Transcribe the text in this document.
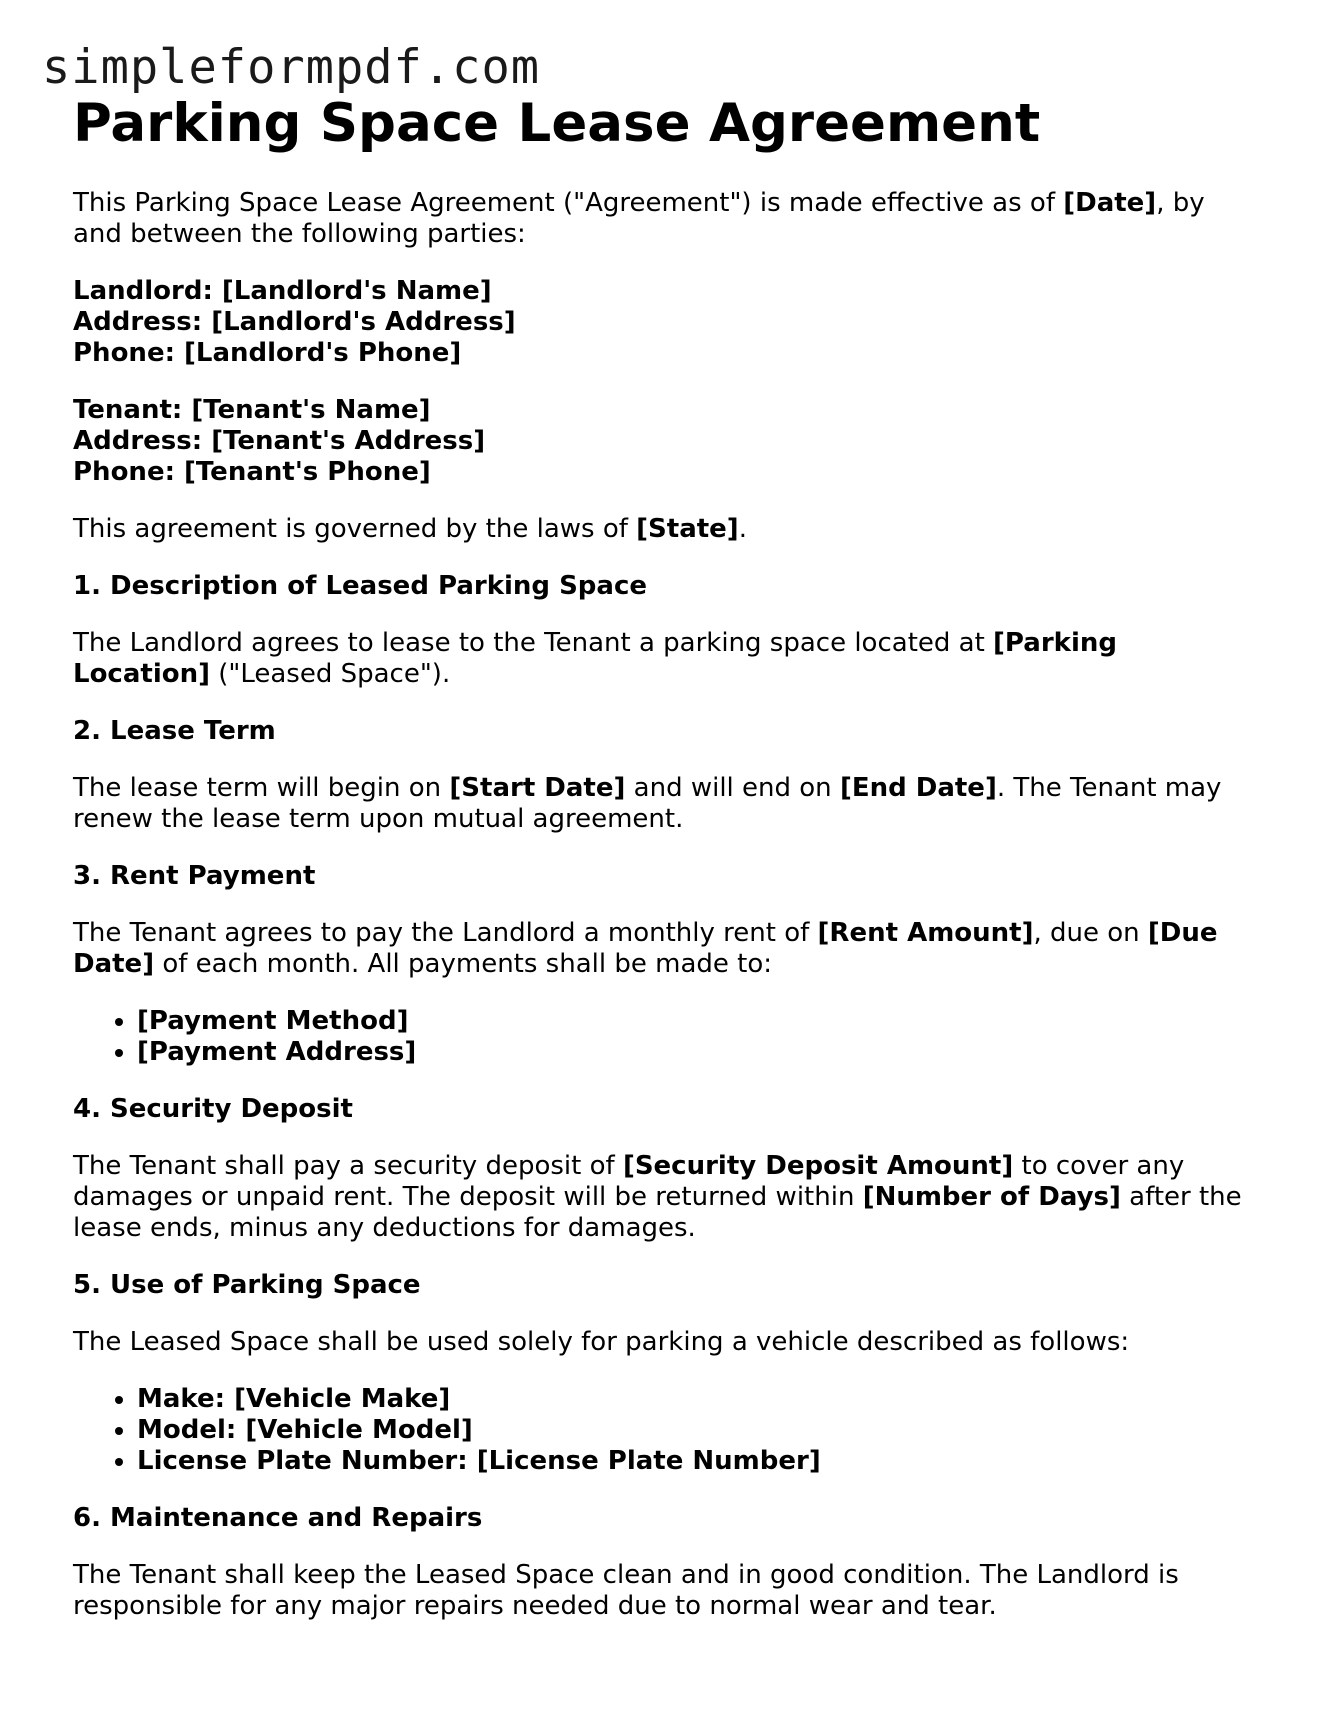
simpleformpdf.com
Parking Space Lease Agreement

This Parking Space Lease Agreement ("Agreement") is made effective as of [Date], by and between the following parties:

Landlord: [Landlord's Name]
Address: [Landlord's Address]
Phone: [Landlord's Phone]
Tenant: [Tenant's Name]
Address: [Tenant's Address]
Phone: [Tenant's Phone]

This agreement is governed by the laws of [State].

1. Description of Leased Parking Space

The Landlord agrees to lease to the Tenant a parking space located at [Parking Location] ("Leased Space").

2. Lease Term

The lease term will begin on [Start Date] and will end on [End Date]. The Tenant may renew the lease term upon mutual agreement.

3. Rent Payment

The Tenant agrees to pay the Landlord a monthly rent of [Rent Amount], due on [Due Date] of each month. All payments shall be made to:

• [Payment Method]
• [Payment Address]
4. Security Deposit

The Tenant shall pay a security deposit of [Security Deposit Amount] to cover any damages or unpaid rent. The deposit will be returned within [Number of Days] after the lease ends, minus any deductions for damages.

5. Use of Parking Space

The Leased Space shall be used solely for parking a vehicle described as follows:

• Make: [Vehicle Make]
• Model: [Vehicle Model]
• License Plate Number: [License Plate Number]
6. Maintenance and Repairs

The Tenant shall keep the Leased Space clean and in good condition. The Landlord is responsible for any major repairs needed due to normal wear and tear.
